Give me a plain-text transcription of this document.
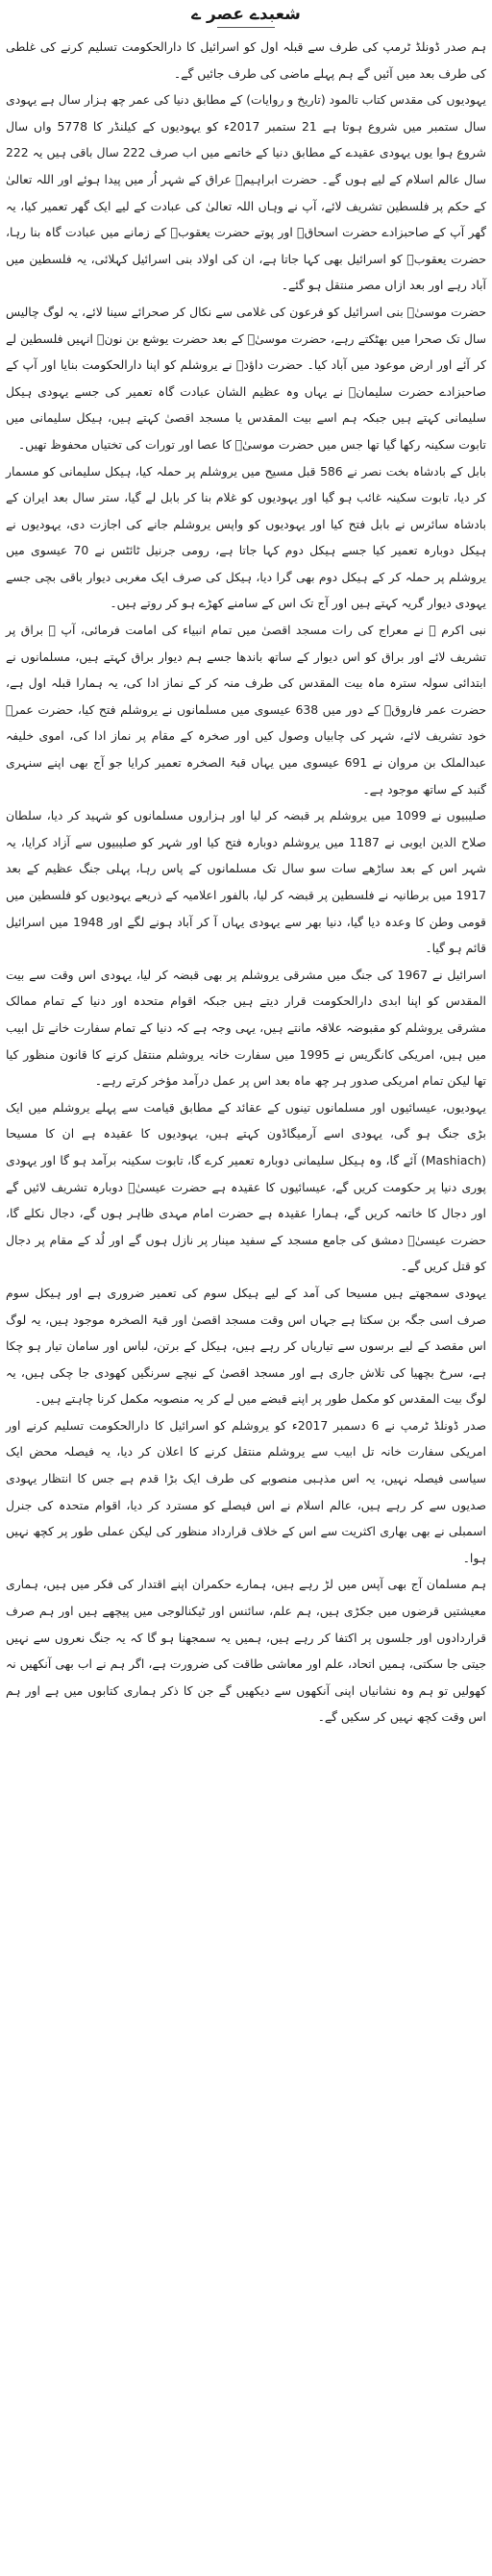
شعبدے عصر ے

ہم صدر ڈونلڈ ٹرمپ کی طرف سے قبلہ اول کو اسرائیل کا دارالحکومت تسلیم کرنے کی غلطی کی طرف بعد میں آئیں گے ہم پہلے ماضی کی طرف جائیں گے۔

یہودیوں کی مقدس کتاب تالمود (تاریخ و روایات) کے مطابق دنیا کی عمر چھ ہزار سال ہے یہودی سال ستمبر میں شروع ہوتا ہے 21 ستمبر 2017ء کو یہودیوں کے کیلنڈر کا 5778 واں سال شروع ہوا یوں یہودی عقیدے کے مطابق دنیا کے خاتمے میں اب صرف 222 سال باقی ہیں یہ 222 سال عالم اسلام کے لیے ہوں گے۔ حضرت ابراہیمؑ عراق کے شہر اُر میں پیدا ہوئے اور اللہ تعالیٰ کے حکم پر فلسطین تشریف لائے، آپ نے وہاں اللہ تعالیٰ کی عبادت کے لیے ایک گھر تعمیر کیا، یہ گھر آپ کے صاحبزادے حضرت اسحاقؑ اور پوتے حضرت یعقوبؑ کے زمانے میں عبادت گاہ بنا رہا، حضرت یعقوبؑ کو اسرائیل بھی کہا جاتا ہے، ان کی اولاد بنی اسرائیل کہلائی، یہ فلسطین میں آباد رہے اور بعد ازاں مصر منتقل ہو گئے۔

حضرت موسیٰؑ بنی اسرائیل کو فرعون کی غلامی سے نکال کر صحرائے سینا لائے، یہ لوگ چالیس سال تک صحرا میں بھٹکتے رہے، حضرت موسیٰؑ کے بعد حضرت یوشع بن نونؑ انہیں فلسطین لے کر آئے اور ارض موعود میں آباد کیا۔ حضرت داؤدؑ نے یروشلم کو اپنا دارالحکومت بنایا اور آپ کے صاحبزادے حضرت سلیمانؑ نے یہاں وہ عظیم الشان عبادت گاہ تعمیر کی جسے یہودی ہیکل سلیمانی کہتے ہیں جبکہ ہم اسے بیت المقدس یا مسجد اقصیٰ کہتے ہیں، ہیکل سلیمانی میں تابوت سکینہ رکھا گیا تھا جس میں حضرت موسیٰؑ کا عصا اور تورات کی تختیاں محفوظ تھیں۔

بابل کے بادشاہ بخت نصر نے 586 قبل مسیح میں یروشلم پر حملہ کیا، ہیکل سلیمانی کو مسمار کر دیا، تابوت سکینہ غائب ہو گیا اور یہودیوں کو غلام بنا کر بابل لے گیا، ستر سال بعد ایران کے بادشاہ سائرس نے بابل فتح کیا اور یہودیوں کو واپس یروشلم جانے کی اجازت دی، یہودیوں نے ہیکل دوبارہ تعمیر کیا جسے ہیکل دوم کہا جاتا ہے، رومی جرنیل ٹائٹس نے 70 عیسوی میں یروشلم پر حملہ کر کے ہیکل دوم بھی گرا دیا، ہیکل کی صرف ایک مغربی دیوار باقی بچی جسے یہودی دیوار گریہ کہتے ہیں اور آج تک اس کے سامنے کھڑے ہو کر روتے ہیں۔

نبی اکرم ﷺ نے معراج کی رات مسجد اقصیٰ میں تمام انبیاء کی امامت فرمائی، آپ ﷺ براق پر تشریف لائے اور براق کو اس دیوار کے ساتھ باندھا جسے ہم دیوار براق کہتے ہیں، مسلمانوں نے ابتدائی سولہ سترہ ماہ بیت المقدس کی طرف منہ کر کے نماز ادا کی، یہ ہمارا قبلہ اول ہے، حضرت عمر فاروقؓ کے دور میں 638 عیسوی میں مسلمانوں نے یروشلم فتح کیا، حضرت عمرؓ خود تشریف لائے، شہر کی چابیاں وصول کیں اور صخرہ کے مقام پر نماز ادا کی، اموی خلیفہ عبدالملک بن مروان نے 691 عیسوی میں یہاں قبۃ الصخرہ تعمیر کرایا جو آج بھی اپنے سنہری گنبد کے ساتھ موجود ہے۔

صلیبیوں نے 1099 میں یروشلم پر قبضہ کر لیا اور ہزاروں مسلمانوں کو شہید کر دیا، سلطان صلاح الدین ایوبی نے 1187 میں یروشلم دوبارہ فتح کیا اور شہر کو صلیبیوں سے آزاد کرایا، یہ شہر اس کے بعد ساڑھے سات سو سال تک مسلمانوں کے پاس رہا، پہلی جنگ عظیم کے بعد 1917 میں برطانیہ نے فلسطین پر قبضہ کر لیا، بالفور اعلامیہ کے ذریعے یہودیوں کو فلسطین میں قومی وطن کا وعدہ دیا گیا، دنیا بھر سے یہودی یہاں آ کر آباد ہونے لگے اور 1948 میں اسرائیل قائم ہو گیا۔

اسرائیل نے 1967 کی جنگ میں مشرقی یروشلم پر بھی قبضہ کر لیا، یہودی اس وقت سے بیت المقدس کو اپنا ابدی دارالحکومت قرار دیتے ہیں جبکہ اقوام متحدہ اور دنیا کے تمام ممالک مشرقی یروشلم کو مقبوضہ علاقہ مانتے ہیں، یہی وجہ ہے کہ دنیا کے تمام سفارت خانے تل ابیب میں ہیں، امریکی کانگریس نے 1995 میں سفارت خانہ یروشلم منتقل کرنے کا قانون منظور کیا تھا لیکن تمام امریکی صدور ہر چھ ماہ بعد اس پر عمل درآمد مؤخر کرتے رہے۔

یہودیوں، عیسائیوں اور مسلمانوں تینوں کے عقائد کے مطابق قیامت سے پہلے یروشلم میں ایک بڑی جنگ ہو گی، یہودی اسے آرمیگاڈون کہتے ہیں، یہودیوں کا عقیدہ ہے ان کا مسیحا (Mashiach) آئے گا، وہ ہیکل سلیمانی دوبارہ تعمیر کرے گا، تابوت سکینہ برآمد ہو گا اور یہودی پوری دنیا پر حکومت کریں گے، عیسائیوں کا عقیدہ ہے حضرت عیسیٰؑ دوبارہ تشریف لائیں گے اور دجال کا خاتمہ کریں گے، ہمارا عقیدہ ہے حضرت امام مہدی ظاہر ہوں گے، دجال نکلے گا، حضرت عیسیٰؑ دمشق کی جامع مسجد کے سفید مینار پر نازل ہوں گے اور لُد کے مقام پر دجال کو قتل کریں گے۔

یہودی سمجھتے ہیں مسیحا کی آمد کے لیے ہیکل سوم کی تعمیر ضروری ہے اور ہیکل سوم صرف اسی جگہ بن سکتا ہے جہاں اس وقت مسجد اقصیٰ اور قبۃ الصخرہ موجود ہیں، یہ لوگ اس مقصد کے لیے برسوں سے تیاریاں کر رہے ہیں، ہیکل کے برتن، لباس اور سامان تیار ہو چکا ہے، سرخ بچھیا کی تلاش جاری ہے اور مسجد اقصیٰ کے نیچے سرنگیں کھودی جا چکی ہیں، یہ لوگ بیت المقدس کو مکمل طور پر اپنے قبضے میں لے کر یہ منصوبہ مکمل کرنا چاہتے ہیں۔

صدر ڈونلڈ ٹرمپ نے 6 دسمبر 2017ء کو یروشلم کو اسرائیل کا دارالحکومت تسلیم کرنے اور امریکی سفارت خانہ تل ابیب سے یروشلم منتقل کرنے کا اعلان کر دیا، یہ فیصلہ محض ایک سیاسی فیصلہ نہیں، یہ اس مذہبی منصوبے کی طرف ایک بڑا قدم ہے جس کا انتظار یہودی صدیوں سے کر رہے ہیں، عالم اسلام نے اس فیصلے کو مسترد کر دیا، اقوام متحدہ کی جنرل اسمبلی نے بھی بھاری اکثریت سے اس کے خلاف قرارداد منظور کی لیکن عملی طور پر کچھ نہیں ہوا۔

ہم مسلمان آج بھی آپس میں لڑ رہے ہیں، ہمارے حکمران اپنے اقتدار کی فکر میں ہیں، ہماری معیشتیں قرضوں میں جکڑی ہیں، ہم علم، سائنس اور ٹیکنالوجی میں پیچھے ہیں اور ہم صرف قراردادوں اور جلسوں پر اکتفا کر رہے ہیں، ہمیں یہ سمجھنا ہو گا کہ یہ جنگ نعروں سے نہیں جیتی جا سکتی، ہمیں اتحاد، علم اور معاشی طاقت کی ضرورت ہے، اگر ہم نے اب بھی آنکھیں نہ کھولیں تو ہم وہ نشانیاں اپنی آنکھوں سے دیکھیں گے جن کا ذکر ہماری کتابوں میں ہے اور ہم اس وقت کچھ نہیں کر سکیں گے۔
